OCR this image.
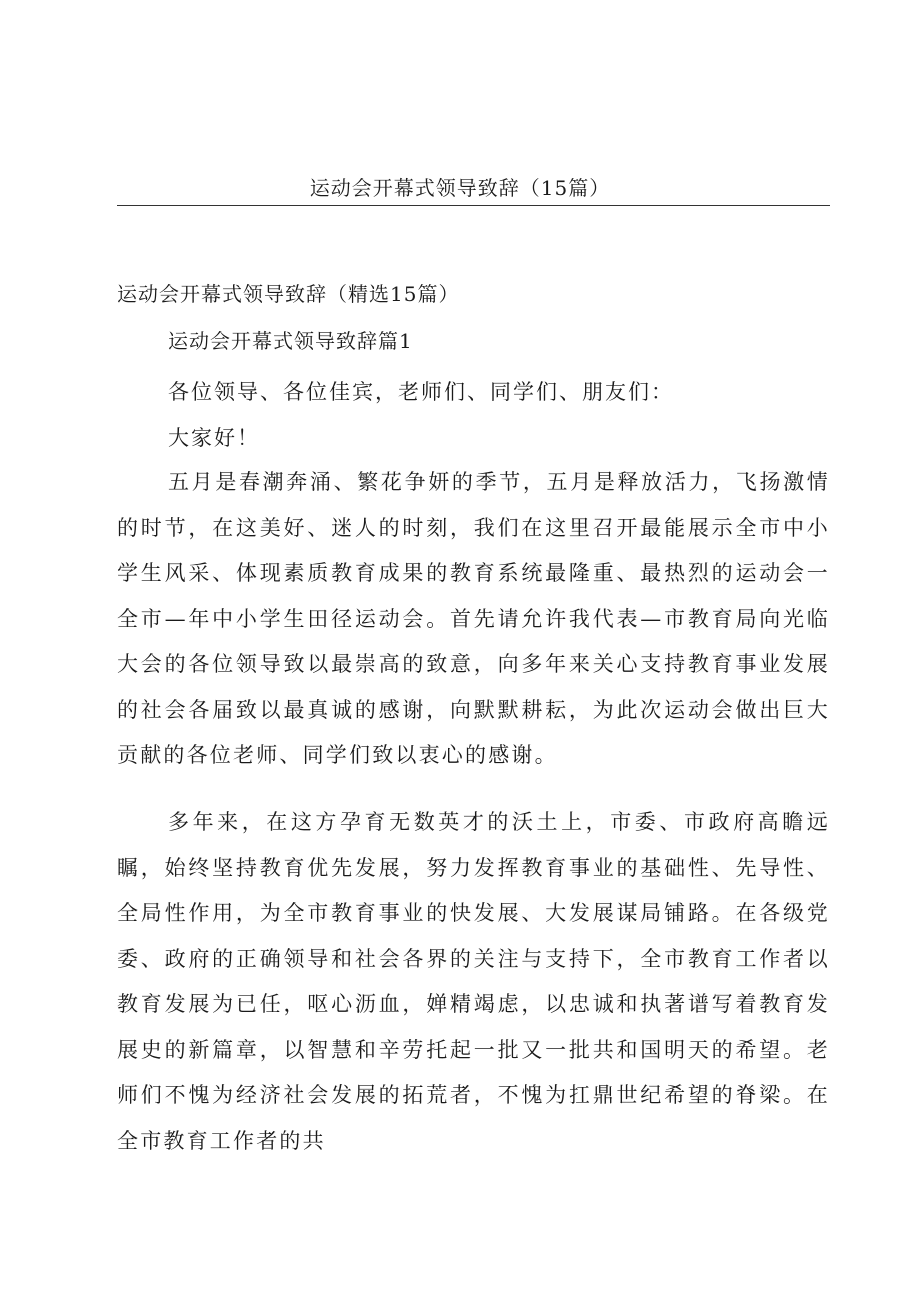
运动会开幕式领导致辞（15篇）
运动会开幕式领导致辞（精选15篇）
运动会开幕式领导致辞篇1
各位领导、各位佳宾，老师们、同学们、朋友们：
大家好！

五月是春潮奔涌、繁花争妍的季节，五月是释放活力，飞扬激情的时节，在这美好、迷人的时刻，我们在这里召开最能展示全市中小学生风采、体现素质教育成果的教育系统最隆重、最热烈的运动会一全市—年中小学生田径运动会。首先请允许我代表—市教育局向光临大会的各位领导致以最崇高的致意，向多年来关心支持教育事业发展的社会各届致以最真诚的感谢，向默默耕耘，为此次运动会做出巨大贡献的各位老师、同学们致以衷心的感谢。

多年来，在这方孕育无数英才的沃土上，市委、市政府高瞻远瞩，始终坚持教育优先发展，努力发挥教育事业的基础性、先导性、全局性作用，为全市教育事业的快发展、大发展谋局铺路。在各级党委、政府的正确领导和社会各界的关注与支持下，全市教育工作者以教育发展为已任，呕心沥血，婵精竭虑，以忠诚和执著谱写着教育发展史的新篇章，以智慧和辛劳托起一批又一批共和国明天的希望。老师们不愧为经济社会发展的拓荒者，不愧为扛鼎世纪希望的脊梁。在全市教育工作者的共
